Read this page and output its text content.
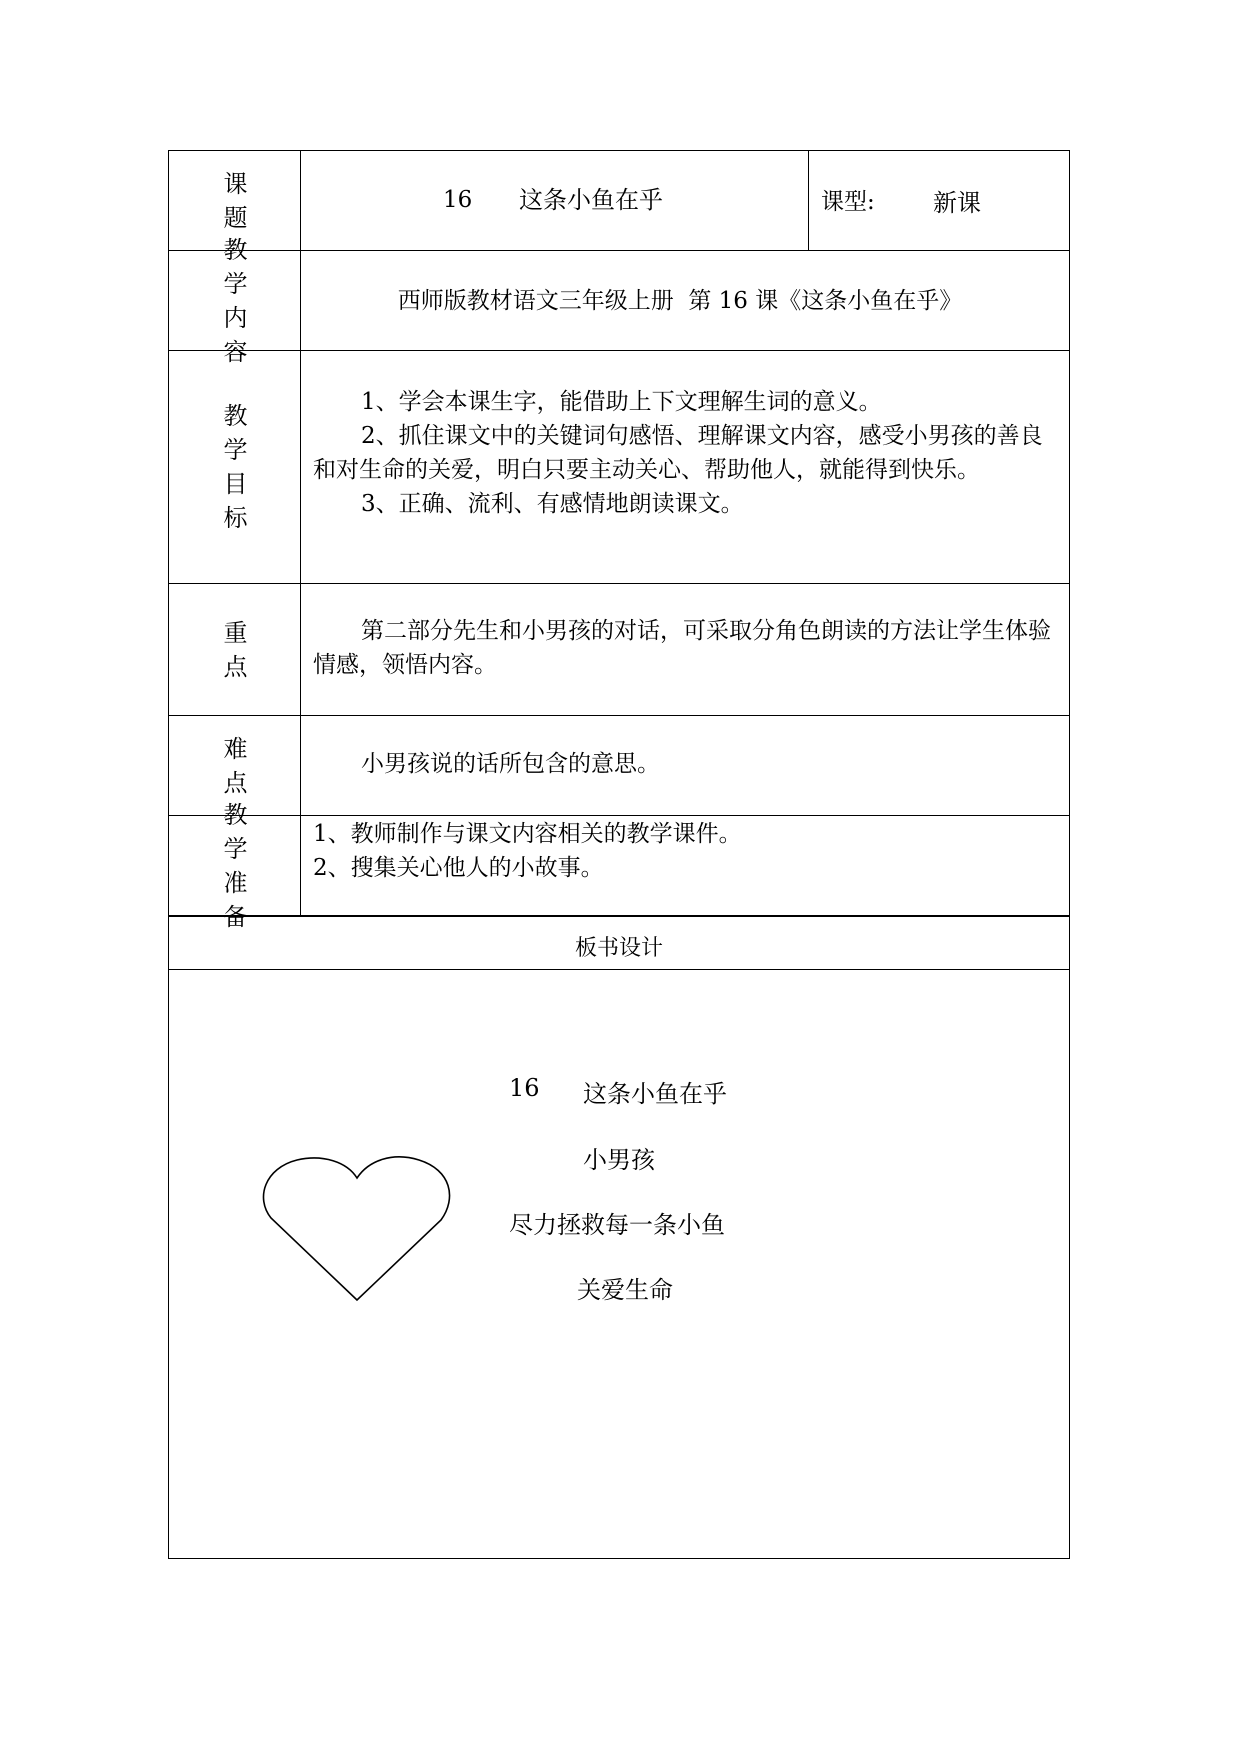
课 题
16 这条小鱼在乎	课型: 新课
教 学
内 容
西师版教材语文三年级上册  第 16 课《这条小鱼在乎》
教 学
目 标

1、学会本课生字，能借助上下文理解生词的意义。

2、抓住课文中的关键词句感悟、理解课文内容，感受小男孩的善良和对生命的关爱，明白只要主动关心、帮助他人，就能得到快乐。

3、正确、流利、有感情地朗读课文。

重 点

第二部分先生和小男孩的对话，可采取分角色朗读的方法让学生体验情感，领悟内容。

难 点

小男孩说的话所包含的意思。

教 学
准 备

1、教师制作与课文内容相关的教学课件。

2、搜集关心他人的小故事。

板书设计
16 这条小鱼在乎
小男孩
尽力拯救每一条小鱼
关爱生命
